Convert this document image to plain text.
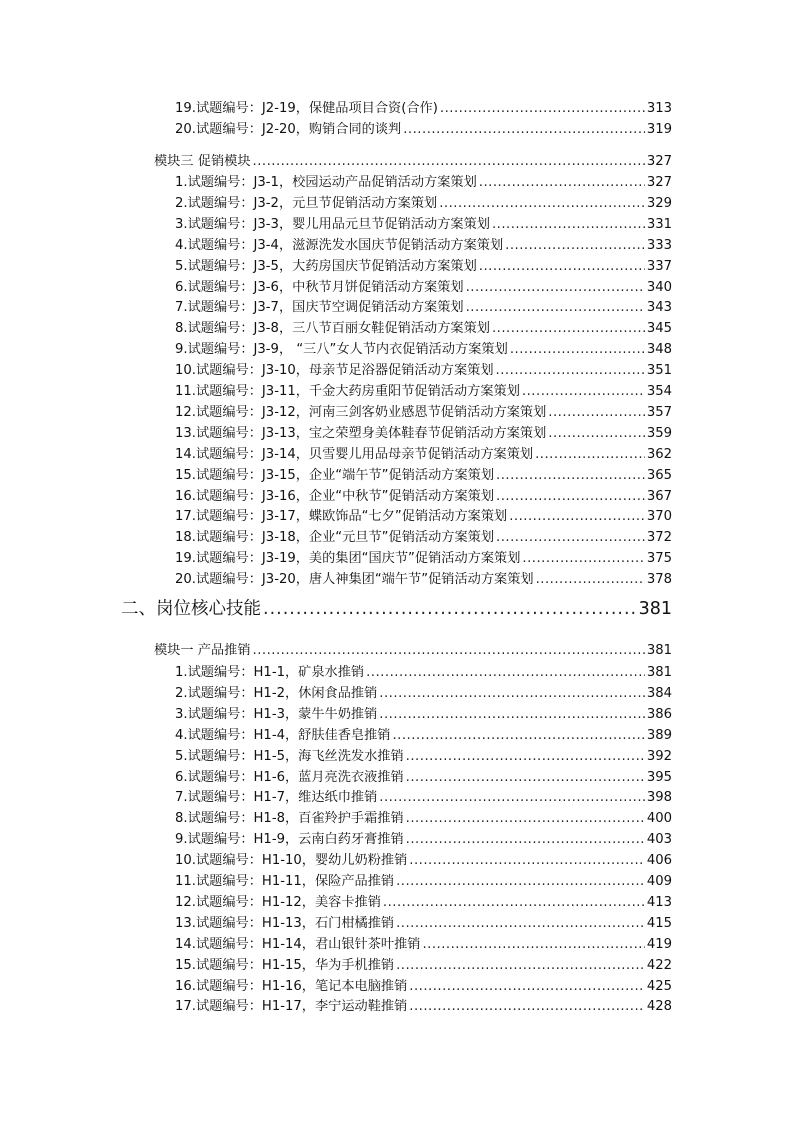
19.试题编号：J2-19，保健品项目合资(合作) .....	313
20.试题编号：J2-20，购销合同的谈判 .....	319
模块三 促销模块 .....	327
1.试题编号：J3-1，校园运动产品促销活动方案策划 .....	327
2.试题编号：J3-2，元旦节促销活动方案策划 .....	329
3.试题编号：J3-3，婴儿用品元旦节促销活动方案策划 .....	331
4.试题编号：J3-4，滋源洗发水国庆节促销活动方案策划 .....	333
5.试题编号：J3-5，大药房国庆节促销活动方案策划 .....	337
6.试题编号：J3-6，中秋节月饼促销活动方案策划 .....	340
7.试题编号：J3-7，国庆节空调促销活动方案策划 .....	343
8.试题编号：J3-8，三八节百丽女鞋促销活动方案策划 .....	345
9.试题编号：J3-9， “三八”女人节内衣促销活动方案策划 .....	348
10.试题编号：J3-10，母亲节足浴器促销活动方案策划 .....	351
11.试题编号：J3-11，千金大药房重阳节促销活动方案策划 .....	354
12.试题编号：J3-12，河南三剑客奶业感恩节促销活动方案策划 .....	357
13.试题编号：J3-13，宝之荣塑身美体鞋春节促销活动方案策划 .....	359
14.试题编号：J3-14，贝雪婴儿用品母亲节促销活动方案策划 .....	362
15.试题编号：J3-15，企业“端午节”促销活动方案策划 .....	365
16.试题编号：J3-16，企业“中秋节”促销活动方案策划 .....	367
17.试题编号：J3-17，蝶欧饰品“七夕”促销活动方案策划 .....	370
18.试题编号：J3-18，企业“元旦节”促销活动方案策划 .....	372
19.试题编号：J3-19，美的集团“国庆节”促销活动方案策划 .....	375
20.试题编号：J3-20，唐人神集团“端午节”促销活动方案策划 .....	378
二、岗位核心技能 .....	381
模块一 产品推销 .....	381
1.试题编号：H1-1，矿泉水推销 .....	381
2.试题编号：H1-2，休闲食品推销 .....	384
3.试题编号：H1-3，蒙牛牛奶推销 .....	386
4.试题编号：H1-4，舒肤佳香皂推销 .....	389
5.试题编号：H1-5，海飞丝洗发水推销 .....	392
6.试题编号：H1-6，蓝月亮洗衣液推销 .....	395
7.试题编号：H1-7，维达纸巾推销 .....	398
8.试题编号：H1-8，百雀羚护手霜推销 .....	400
9.试题编号：H1-9，云南白药牙膏推销 .....	403
10.试题编号：H1-10，婴幼儿奶粉推销 .....	406
11.试题编号：H1-11，保险产品推销 .....	409
12.试题编号：H1-12，美容卡推销 .....	413
13.试题编号：H1-13，石门柑橘推销 .....	415
14.试题编号：H1-14，君山银针茶叶推销 .....	419
15.试题编号：H1-15，华为手机推销 .....	422
16.试题编号：H1-16，笔记本电脑推销 .....	425
17.试题编号：H1-17，李宁运动鞋推销 .....	428
